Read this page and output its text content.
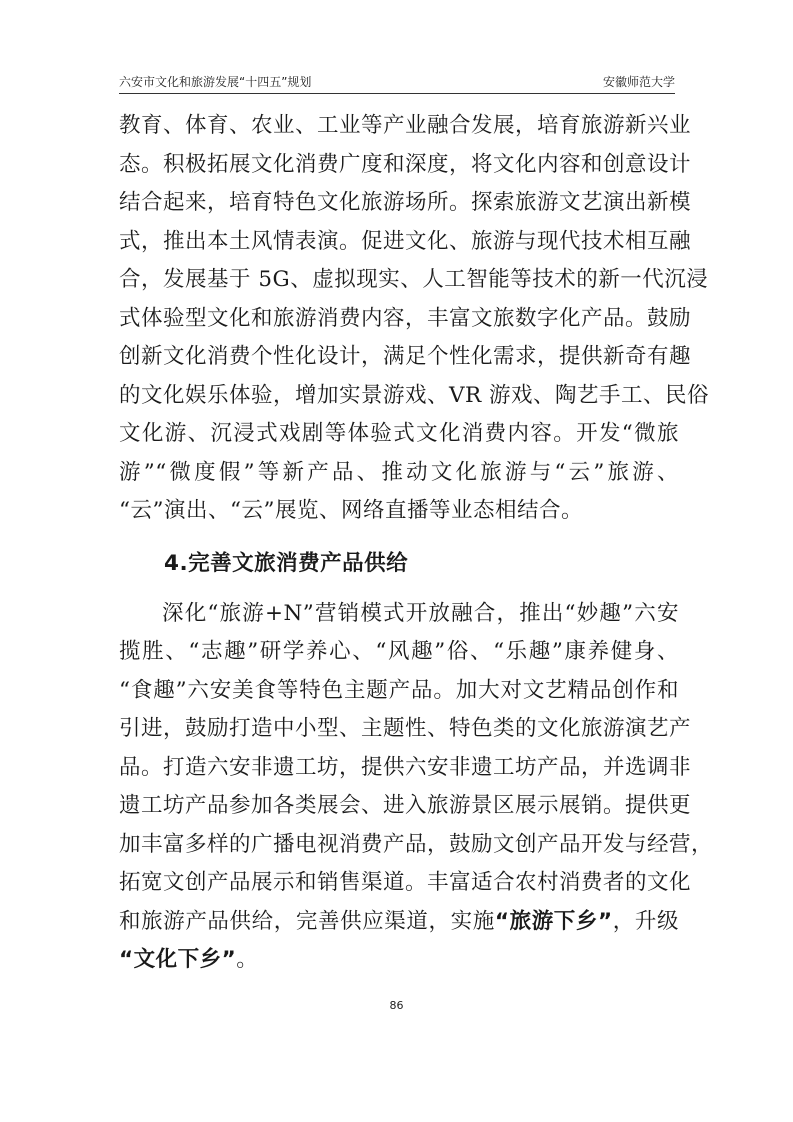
六安市文化和旅游发展“十四五”规划	安徽师范大学
教育、体育、农业、工业等产业融合发展，培育旅游新兴业
态。积极拓展文化消费广度和深度，将文化内容和创意设计
结合起来，培育特色文化旅游场所。探索旅游文艺演出新模
式，推出本土风情表演。促进文化、旅游与现代技术相互融
合，发展基于 5G、虚拟现实、人工智能等技术的新一代沉浸
式体验型文化和旅游消费内容，丰富文旅数字化产品。鼓励
创新文化消费个性化设计，满足个性化需求，提供新奇有趣
的文化娱乐体验，增加实景游戏、VR 游戏、陶艺手工、民俗
文化游、沉浸式戏剧等体验式文化消费内容。开发“微旅
游”“微度假”等新产品、推动文化旅游与“云”旅游、
“云”演出、“云”展览、网络直播等业态相结合。
4.完善文旅消费产品供给
深化“旅游+N”营销模式开放融合，推出“妙趣”六安
揽胜、“志趣”研学养心、“风趣”俗、“乐趣”康养健身、
“食趣”六安美食等特色主题产品。加大对文艺精品创作和
引进，鼓励打造中小型、主题性、特色类的文化旅游演艺产
品。打造六安非遗工坊，提供六安非遗工坊产品，并选调非
遗工坊产品参加各类展会、进入旅游景区展示展销。提供更
加丰富多样的广播电视消费产品，鼓励文创产品开发与经营，
拓宽文创产品展示和销售渠道。丰富适合农村消费者的文化
和旅游产品供给，完善供应渠道，实施“旅游下乡”，升级
“文化下乡”。
86
